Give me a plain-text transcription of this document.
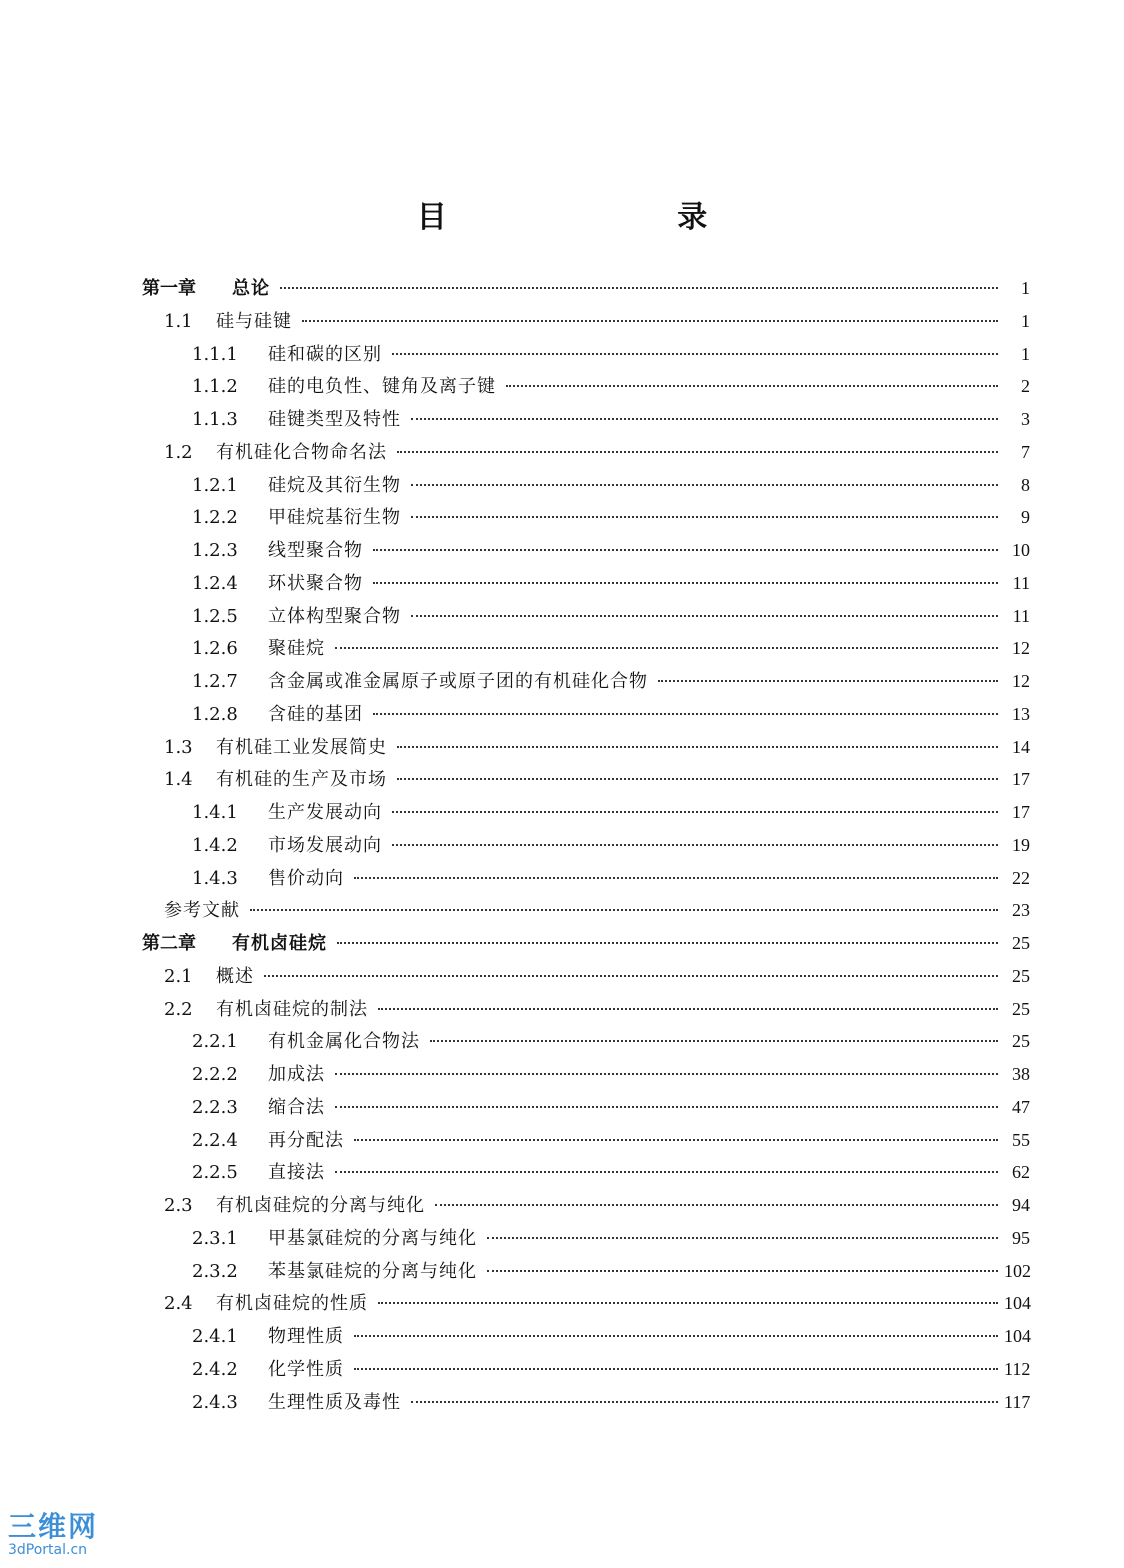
目 录
第一章	总论	1
1.1	硅与硅键	1
1.1.1	硅和碳的区别	1
1.1.2	硅的电负性、键角及离子键	2
1.1.3	硅键类型及特性	3
1.2	有机硅化合物命名法	7
1.2.1	硅烷及其衍生物	8
1.2.2	甲硅烷基衍生物	9
1.2.3	线型聚合物	10
1.2.4	环状聚合物	11
1.2.5	立体构型聚合物	11
1.2.6	聚硅烷	12
1.2.7	含金属或准金属原子或原子团的有机硅化合物	12
1.2.8	含硅的基团	13
1.3	有机硅工业发展简史	14
1.4	有机硅的生产及市场	17
1.4.1	生产发展动向	17
1.4.2	市场发展动向	19
1.4.3	售价动向	22
参考文献	23
第二章	有机卤硅烷	25
2.1	概述	25
2.2	有机卤硅烷的制法	25
2.2.1	有机金属化合物法	25
2.2.2	加成法	38
2.2.3	缩合法	47
2.2.4	再分配法	55
2.2.5	直接法	62
2.3	有机卤硅烷的分离与纯化	94
2.3.1	甲基氯硅烷的分离与纯化	95
2.3.2	苯基氯硅烷的分离与纯化	102
2.4	有机卤硅烷的性质	104
2.4.1	物理性质	104
2.4.2	化学性质	112
2.4.3	生理性质及毒性	117
三维网
3dPortal.cn
